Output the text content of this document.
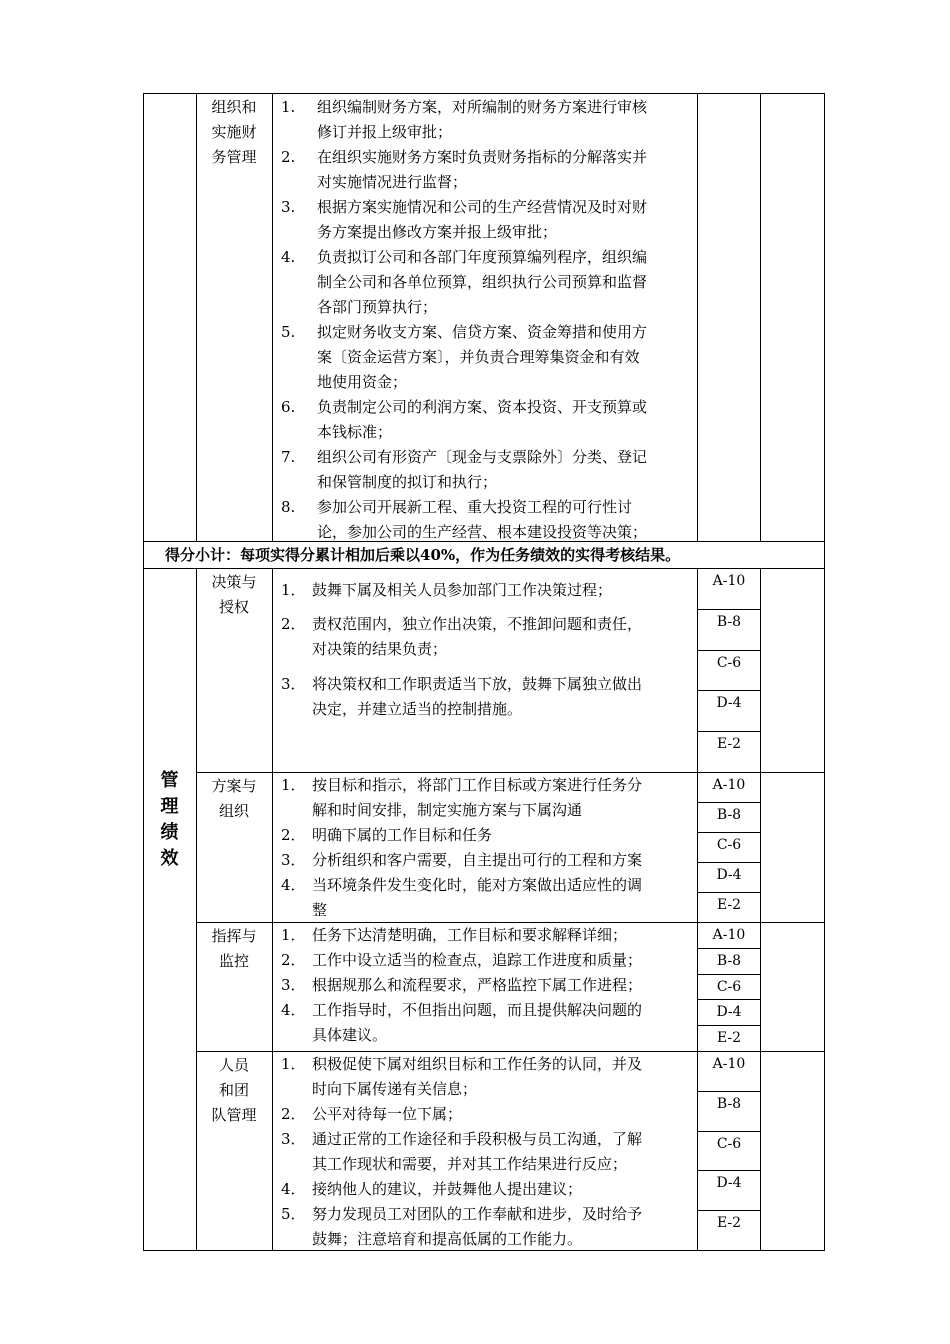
组织和
实施财
务管理
1. 组织编制财务方案，对所编制的财务方案进行审核
修订并报上级审批；
2. 在组织实施财务方案时负责财务指标的分解落实并
对实施情况进行监督；
3. 根据方案实施情况和公司的生产经营情况及时对财
务方案提出修改方案并报上级审批；
4. 负责拟订公司和各部门年度预算编列程序，组织编
制全公司和各单位预算，组织执行公司预算和监督
各部门预算执行；
5. 拟定财务收支方案、信贷方案、资金筹措和使用方
案〔资金运营方案〕，并负责合理筹集资金和有效
地使用资金；
6. 负责制定公司的利润方案、资本投资、开支预算或
本钱标准；
7. 组织公司有形资产〔现金与支票除外〕分类、登记
和保管制度的拟订和执行；
8. 参加公司开展新工程、重大投资工程的可行性讨
论，参加公司的生产经营、根本建设投资等决策；
得分小计：每项实得分累计相加后乘以40%，作为任务绩效的实得考核结果。
管
理
绩
效
决策与
授权
1． 鼓舞下属及相关人员参加部门工作决策过程；
2． 责权范围内，独立作出决策，不推卸问题和责任，
对决策的结果负责；
3． 将决策权和工作职责适当下放，鼓舞下属独立做出
决定，并建立适当的控制措施。
A-10
B-8
C-6
D-4
E-2
方案与
组织
1． 按目标和指示，将部门工作目标或方案进行任务分
解和时间安排，制定实施方案与下属沟通
2． 明确下属的工作目标和任务
3． 分析组织和客户需要，自主提出可行的工程和方案
4． 当环境条件发生变化时，能对方案做出适应性的调
整
A-10
B-8
C-6
D-4
E-2
指挥与
监控
1． 任务下达清楚明确，工作目标和要求解释详细；
2． 工作中设立适当的检查点，追踪工作进度和质量；
3． 根据规那么和流程要求，严格监控下属工作进程；
4． 工作指导时，不但指出问题，而且提供解决问题的
具体建议。
A-10
B-8
C-6
D-4
E-2
人员
和团
队管理
1． 积极促使下属对组织目标和工作任务的认同，并及
时向下属传递有关信息；
2． 公平对待每一位下属；
3． 通过正常的工作途径和手段积极与员工沟通，了解
其工作现状和需要，并对其工作结果进行反应；
4． 接纳他人的建议，并鼓舞他人提出建议；
5． 努力发现员工对团队的工作奉献和进步，及时给予
鼓舞；注意培育和提高低属的工作能力。
A-10
B-8
C-6
D-4
E-2
